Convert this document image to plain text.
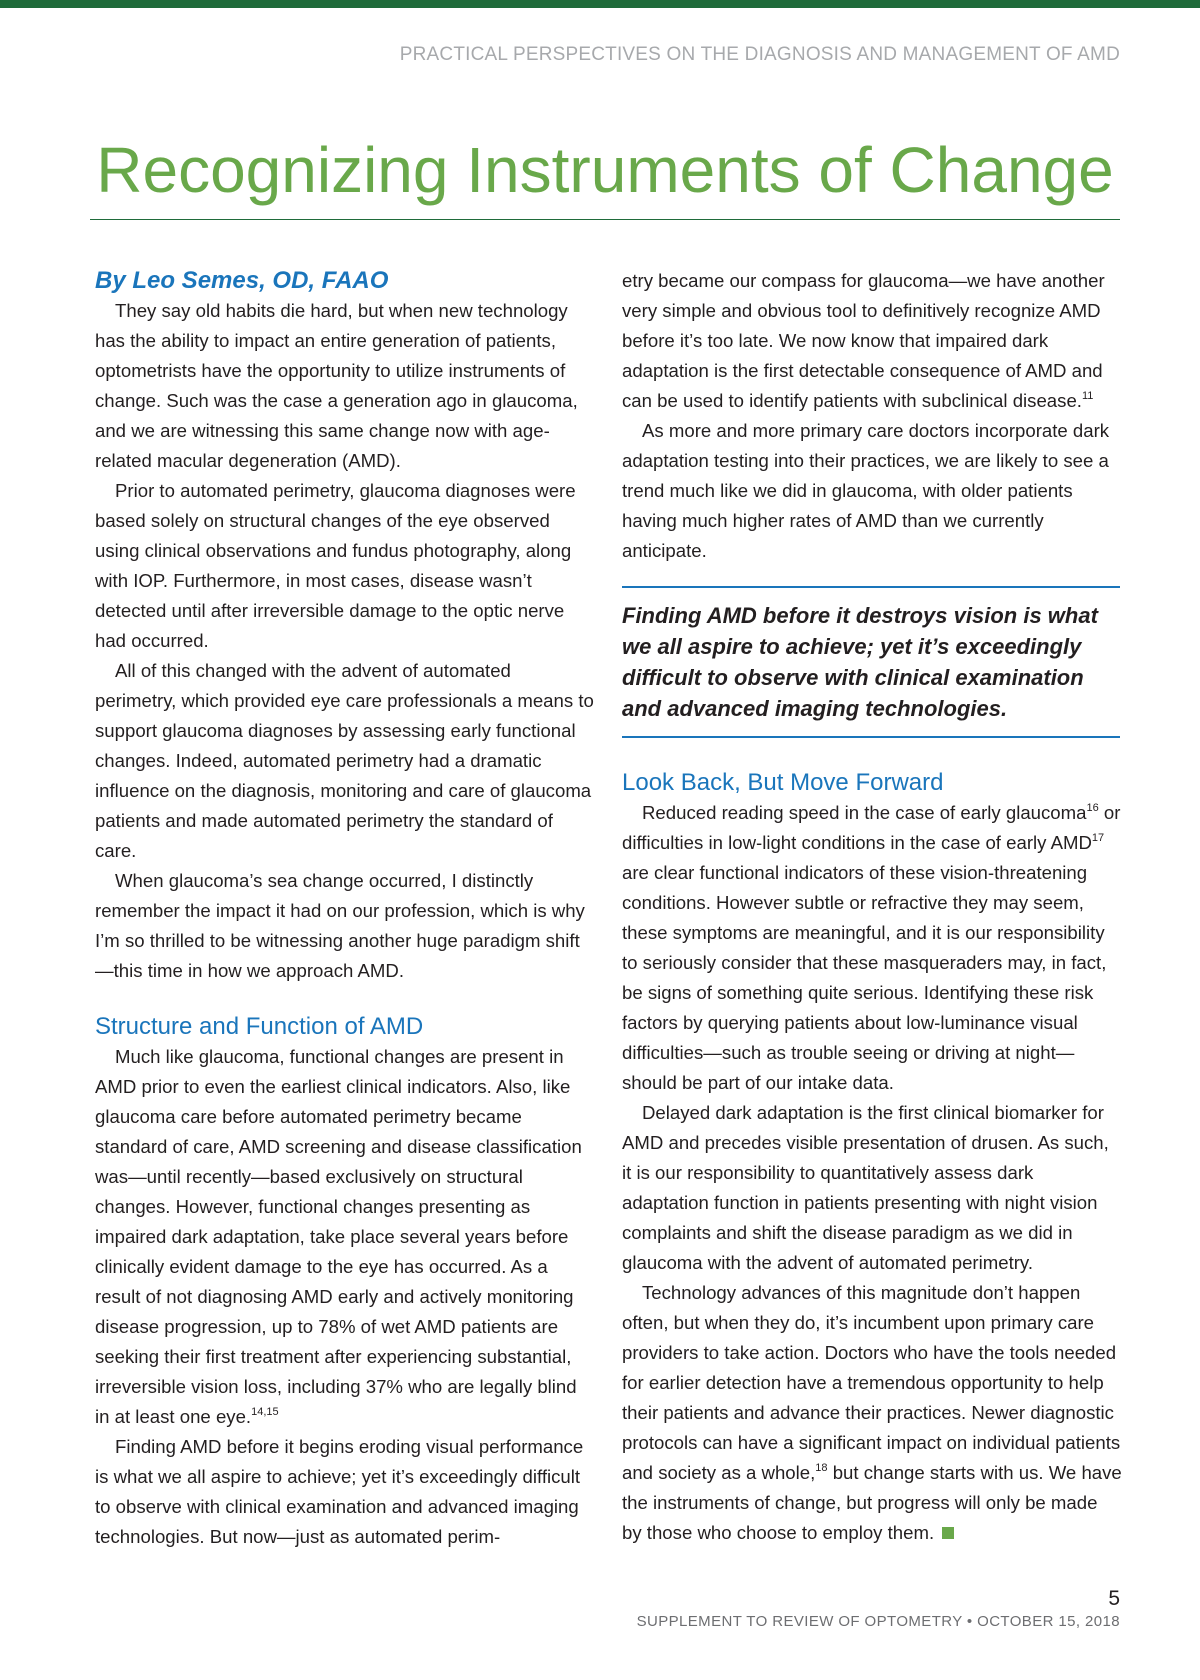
PRACTICAL PERSPECTIVES ON THE DIAGNOSIS AND MANAGEMENT OF AMD
Recognizing Instruments of Change
By Leo Semes, OD, FAAO

They say old habits die hard, but when new technology has the ability to impact an entire generation of patients, optometrists have the opportunity to utilize instruments of change. Such was the case a generation ago in glaucoma, and we are witnessing this same change now with age-related macular degeneration (AMD).

Prior to automated perimetry, glaucoma diagnoses were based solely on structural changes of the eye observed using clinical observations and fundus photography, along with IOP. Furthermore, in most cases, disease wasn’t detected until after irreversible damage to the optic nerve had occurred.

All of this changed with the advent of automated perimetry, which provided eye care professionals a means to support glaucoma diagnoses by assessing early functional changes. Indeed, automated perimetry had a dramatic influence on the diagnosis, monitoring and care of glaucoma patients and made automated perimetry the standard of care.

When glaucoma’s sea change occurred, I distinctly remember the impact it had on our profession, which is why I’m so thrilled to be witnessing another huge paradigm shift—this time in how we approach AMD.

Structure and Function of AMD

Much like glaucoma, functional changes are present in AMD prior to even the earliest clinical indicators. Also, like glaucoma care before automated perimetry became standard of care, AMD screening and disease classification was—until recently—based exclusively on structural changes. However, functional changes presenting as impaired dark adaptation, take place several years before clinically evident damage to the eye has occurred. As a result of not diagnosing AMD early and actively monitoring disease progression, up to 78% of wet AMD patients are seeking their first treatment after experiencing substantial, irreversible vision loss, including 37% who are legally blind in at least one eye.$^{14,15}$

Finding AMD before it begins eroding visual performance is what we all aspire to achieve; yet it’s exceedingly difficult to observe with clinical examination and advanced imaging technologies. But now—just as automated perim-

etry became our compass for glaucoma—we have another very simple and obvious tool to definitively recognize AMD before it’s too late. We now know that impaired dark adaptation is the first detectable consequence of AMD and can be used to identify patients with subclinical disease.$^{11}$

As more and more primary care doctors incorporate dark adaptation testing into their practices, we are likely to see a trend much like we did in glaucoma, with older patients having much higher rates of AMD than we currently anticipate.

Finding AMD before it destroys vision is what we all aspire to achieve; yet it’s exceedingly difficult to observe with clinical examination and advanced imaging technologies.
Look Back, But Move Forward

Reduced reading speed in the case of early glaucoma$^{16}$ or difficulties in low-light conditions in the case of early AMD$^{17}$ are clear functional indicators of these vision-threatening conditions. However subtle or refractive they may seem, these symptoms are meaningful, and it is our responsibility to seriously consider that these masqueraders may, in fact, be signs of something quite serious. Identifying these risk factors by querying patients about low-luminance visual difficulties—such as trouble seeing or driving at night—should be part of our intake data.

Delayed dark adaptation is the first clinical biomarker for AMD and precedes visible presentation of drusen. As such, it is our responsibility to quantitatively assess dark adaptation function in patients presenting with night vision complaints and shift the disease paradigm as we did in glaucoma with the advent of automated perimetry.

Technology advances of this magnitude don’t happen often, but when they do, it’s incumbent upon primary care providers to take action. Doctors who have the tools needed for earlier detection have a tremendous opportunity to help their patients and advance their practices. Newer diagnostic protocols can have a significant impact on individual patients and society as a whole,$^{18}$ but change starts with us. We have the instruments of change, but progress will only be made by those who choose to employ them.

5
SUPPLEMENT TO REVIEW OF OPTOMETRY • OCTOBER 15, 2018
